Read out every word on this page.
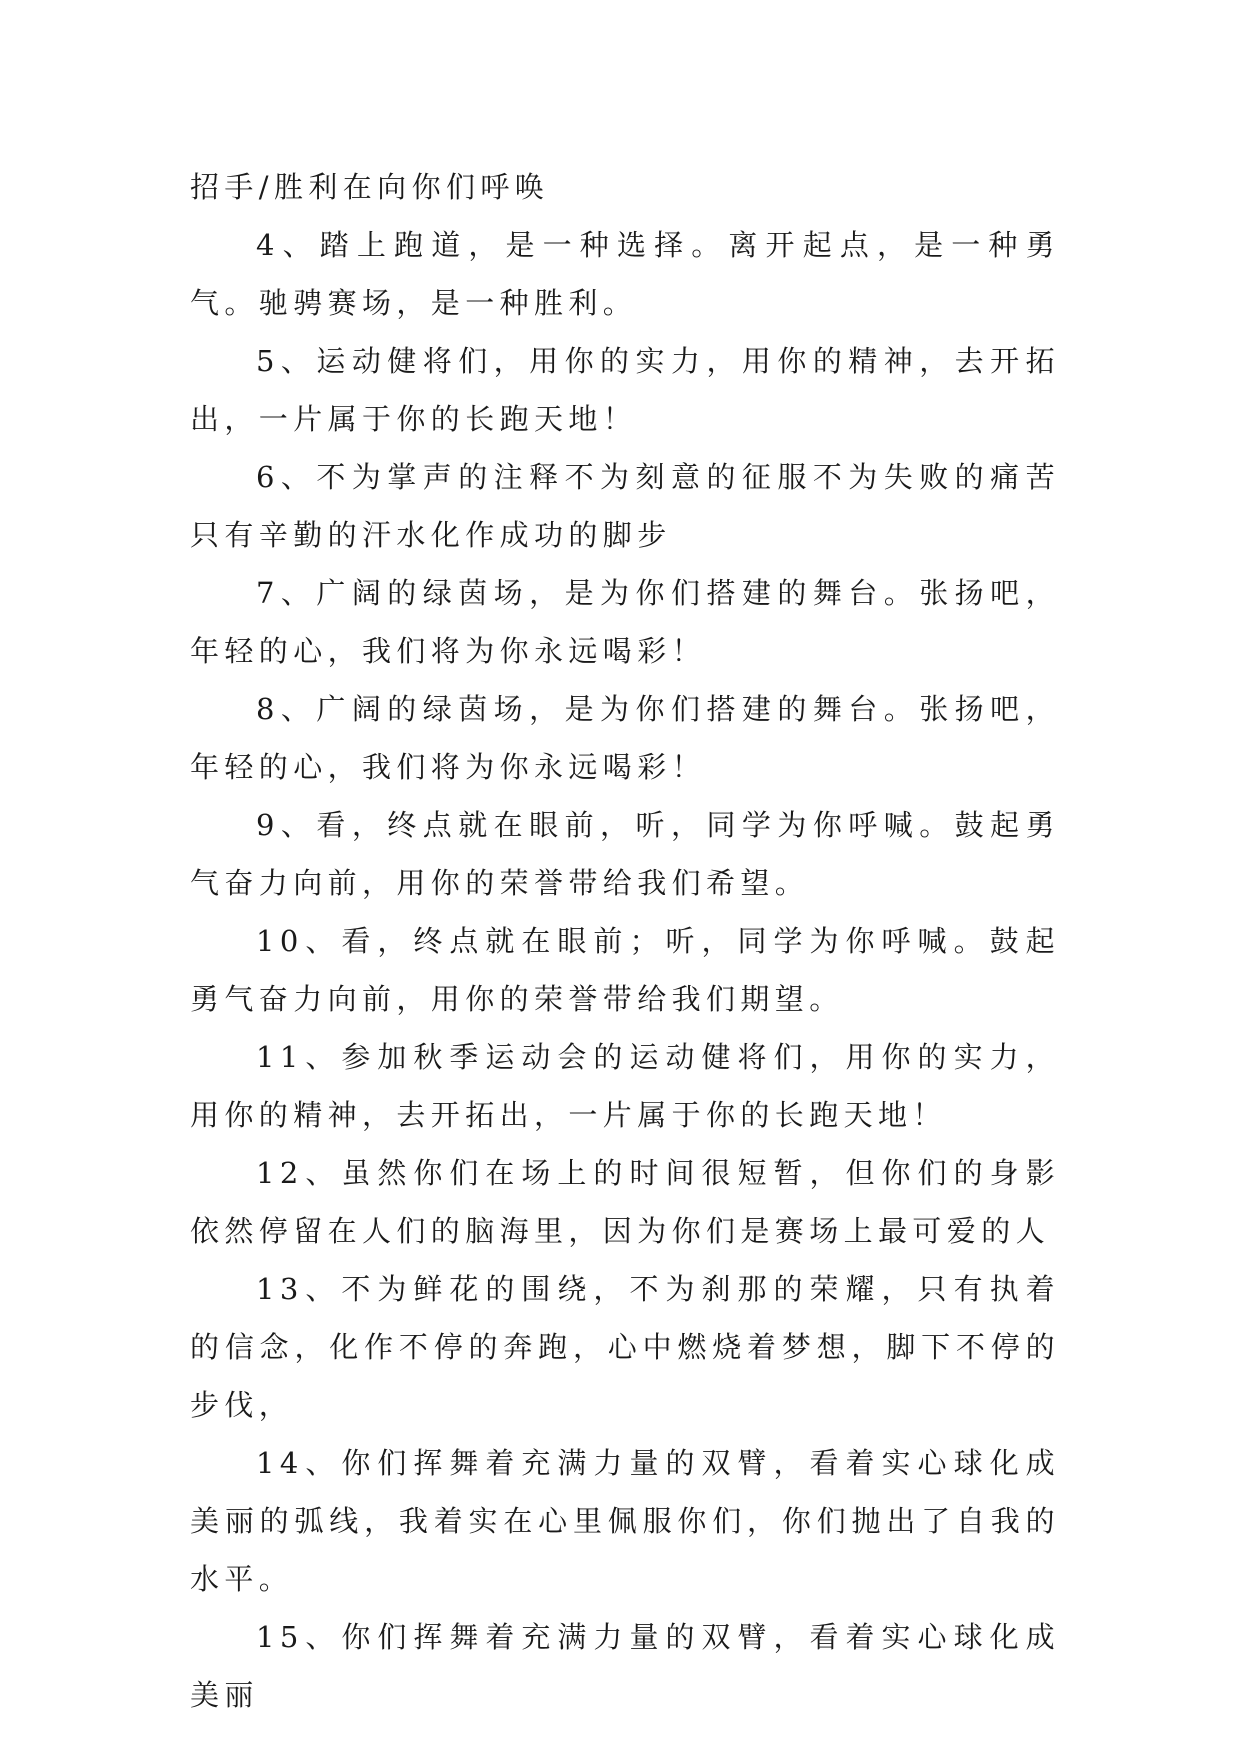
招手/胜利在向你们呼唤

4、踏上跑道，是一种选择。离开起点，是一种勇气。驰骋赛场，是一种胜利。

5、运动健将们，用你的实力，用你的精神，去开拓出，一片属于你的长跑天地！

6、不为掌声的注释不为刻意的征服不为失败的痛苦只有辛勤的汗水化作成功的脚步

7、广阔的绿茵场，是为你们搭建的舞台。张扬吧，年轻的心，我们将为你永远喝彩！

8、广阔的绿茵场，是为你们搭建的舞台。张扬吧，年轻的心，我们将为你永远喝彩！

9、看，终点就在眼前，听，同学为你呼喊。鼓起勇气奋力向前，用你的荣誉带给我们希望。

10、看，终点就在眼前；听，同学为你呼喊。鼓起勇气奋力向前，用你的荣誉带给我们期望。

11、参加秋季运动会的运动健将们，用你的实力，用你的精神，去开拓出，一片属于你的长跑天地！

12、虽然你们在场上的时间很短暂，但你们的身影依然停留在人们的脑海里，因为你们是赛场上最可爱的人

13、不为鲜花的围绕，不为刹那的荣耀，只有执着的信念，化作不停的奔跑，心中燃烧着梦想，脚下不停的步伐，

14、你们挥舞着充满力量的双臂，看着实心球化成美丽的弧线，我着实在心里佩服你们，你们抛出了自我的水平。

15、你们挥舞着充满力量的双臂，看着实心球化成美丽
